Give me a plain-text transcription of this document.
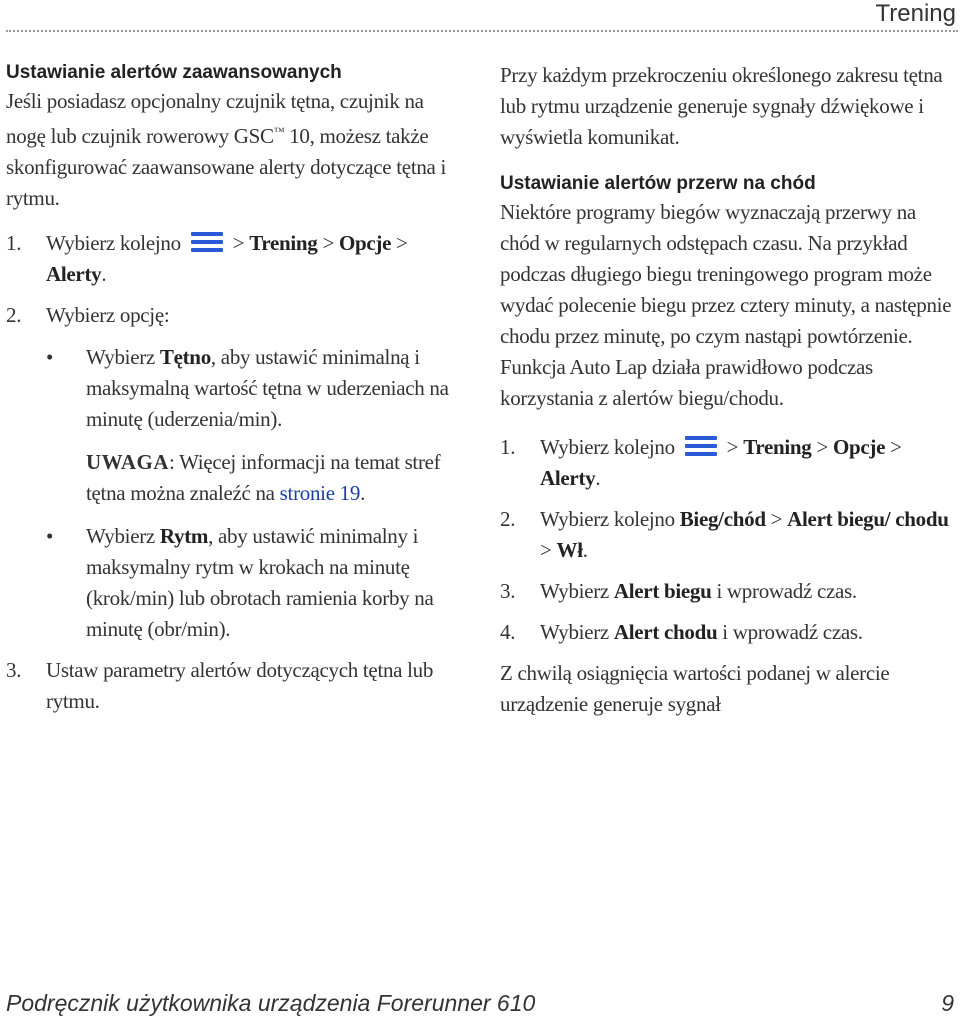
Trening
Ustawianie alertów zaawansowanych

Jeśli posiadasz opcjonalny czujnik tętna, czujnik na nogę lub czujnik rowerowy GSC™ 10, możesz także skonfigurować zaawansowane alerty dotyczące tętna i rytmu.

1. Wybierz kolejno  > Trening > Opcje > Alerty.
2. Wybierz opcję:
• Wybierz Tętno, aby ustawić minimalną i maksymalną wartość tętna w uderzeniach na minutę (uderzenia/min).

UWAGA: Więcej informacji na temat stref tętna można znaleźć na stronie 19.

• Wybierz Rytm, aby ustawić minimalny i maksymalny rytm w krokach na minutę (krok/min) lub obrotach ramienia korby na minutę (obr/min).
3. Ustaw parametry alertów dotyczących tętna lub rytmu.

Przy każdym przekroczeniu określonego zakresu tętna lub rytmu urządzenie generuje sygnały dźwiękowe i wyświetla komunikat.

Ustawianie alertów przerw na chód

Niektóre programy biegów wyznaczają przerwy na chód w regularnych odstępach czasu. Na przykład podczas długiego biegu treningowego program może wydać polecenie biegu przez cztery minuty, a następnie chodu przez minutę, po czym nastąpi powtórzenie. Funkcja Auto Lap działa prawidłowo podczas korzystania z alertów biegu/chodu.

1. Wybierz kolejno  > Trening > Opcje > Alerty.
2. Wybierz kolejno Bieg/chód > Alert biegu/ chodu > Wł.
3. Wybierz Alert biegu i wprowadź czas.
4. Wybierz Alert chodu i wprowadź czas.

Z chwilą osiągnięcia wartości podanej w alercie urządzenie generuje sygnał

Podręcznik użytkownika urządzenia Forerunner 610	9
